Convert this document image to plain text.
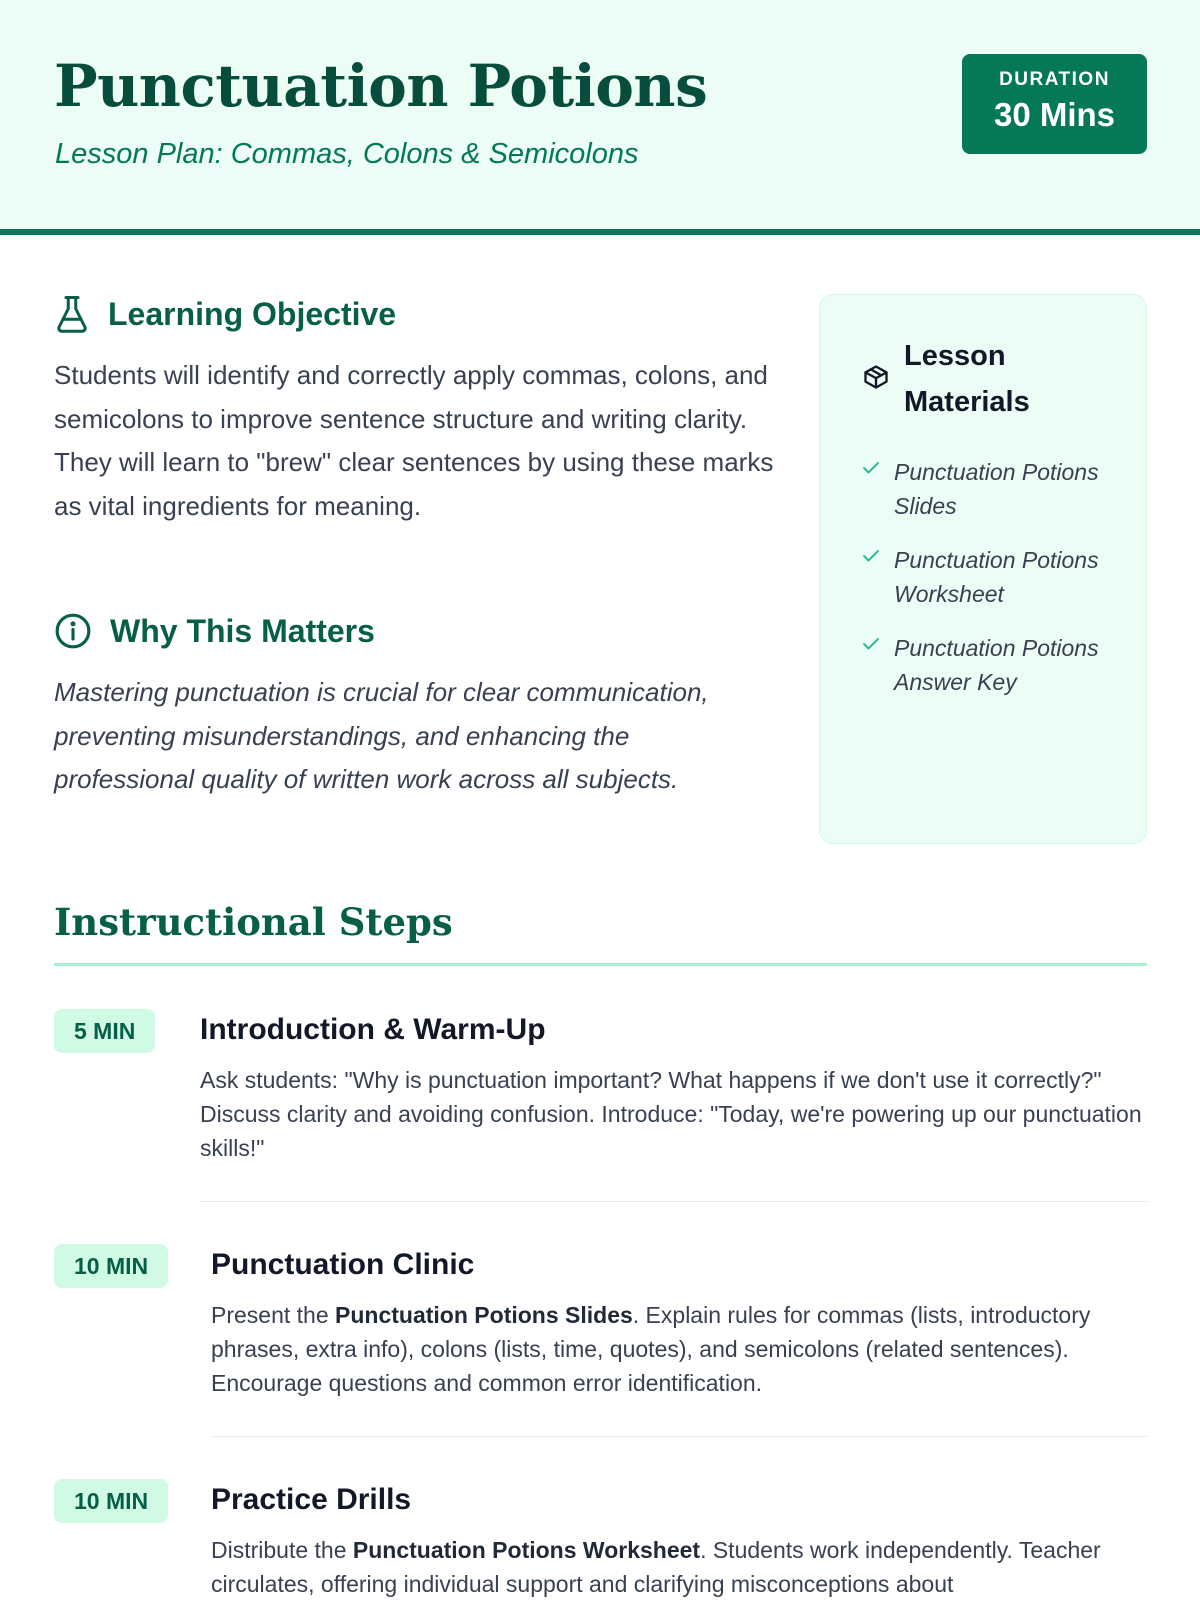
Punctuation Potions

Lesson Plan: Commas, Colons & Semicolons

DURATION
30 Mins
Learning Objective

Students will identify and correctly apply commas, colons, and semicolons to improve sentence structure and writing clarity. They will learn to "brew" clear sentences by using these marks as vital ingredients for meaning.

Why This Matters

Mastering punctuation is crucial for clear communication, preventing misunderstandings, and enhancing the professional quality of written work across all subjects.

Lesson Materials
Punctuation Potions Slides
Punctuation Potions Worksheet
Punctuation Potions Answer Key
Instructional Steps
5 MIN	Introduction & Warm-Up

Ask students: "Why is punctuation important? What happens if we don't use it correctly?" Discuss clarity and avoiding confusion. Introduce: "Today, we're powering up our punctuation skills!"

10 MIN	Punctuation Clinic

Present the Punctuation Potions Slides. Explain rules for commas (lists, introductory phrases, extra info), colons (lists, time, quotes), and semicolons (related sentences). Encourage questions and common error identification.

10 MIN	Practice Drills

Distribute the Punctuation Potions Worksheet. Students work independently. Teacher circulates, offering individual support and clarifying misconceptions about
